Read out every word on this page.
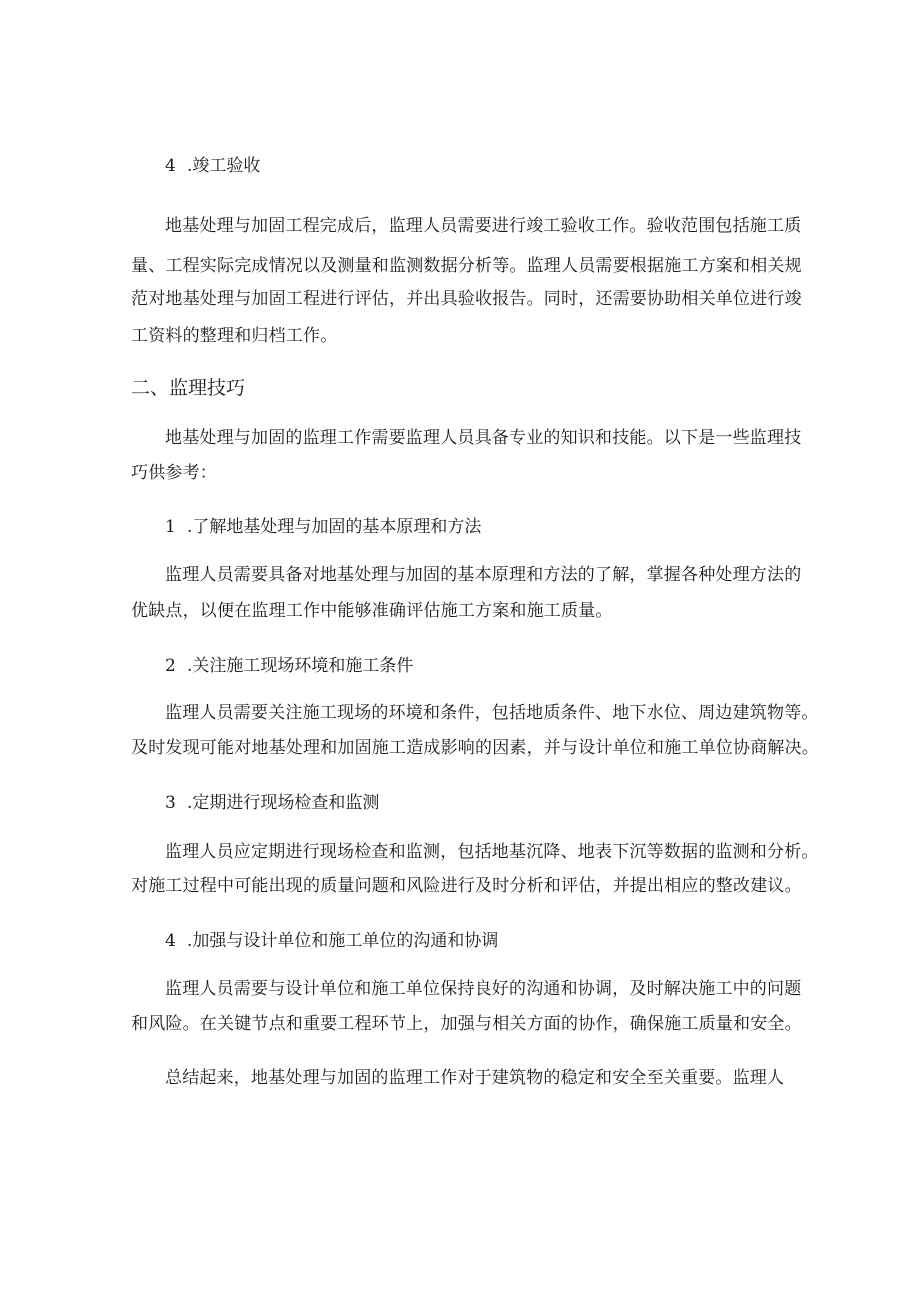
4 .竣工验收

地基处理与加固工程完成后，监理人员需要进行竣工验收工作。验收范围包括施工质

量、工程实际完成情况以及测量和监测数据分析等。监理人员需要根据施工方案和相关规

范对地基处理与加固工程进行评估，并出具验收报告。同时，还需要协助相关单位进行竣

工资料的整理和归档工作。

二、监理技巧

地基处理与加固的监理工作需要监理人员具备专业的知识和技能。以下是一些监理技

巧供参考：

1 .了解地基处理与加固的基本原理和方法

监理人员需要具备对地基处理与加固的基本原理和方法的了解，掌握各种处理方法的

优缺点，以便在监理工作中能够准确评估施工方案和施工质量。

2 .关注施工现场环境和施工条件

监理人员需要关注施工现场的环境和条件，包括地质条件、地下水位、周边建筑物等。

及时发现可能对地基处理和加固施工造成影响的因素，并与设计单位和施工单位协商解决。

3 .定期进行现场检查和监测

监理人员应定期进行现场检查和监测，包括地基沉降、地表下沉等数据的监测和分析。

对施工过程中可能出现的质量问题和风险进行及时分析和评估，并提出相应的整改建议。

4 .加强与设计单位和施工单位的沟通和协调

监理人员需要与设计单位和施工单位保持良好的沟通和协调，及时解决施工中的问题

和风险。在关键节点和重要工程环节上，加强与相关方面的协作，确保施工质量和安全。

总结起来，地基处理与加固的监理工作对于建筑物的稳定和安全至关重要。监理人
